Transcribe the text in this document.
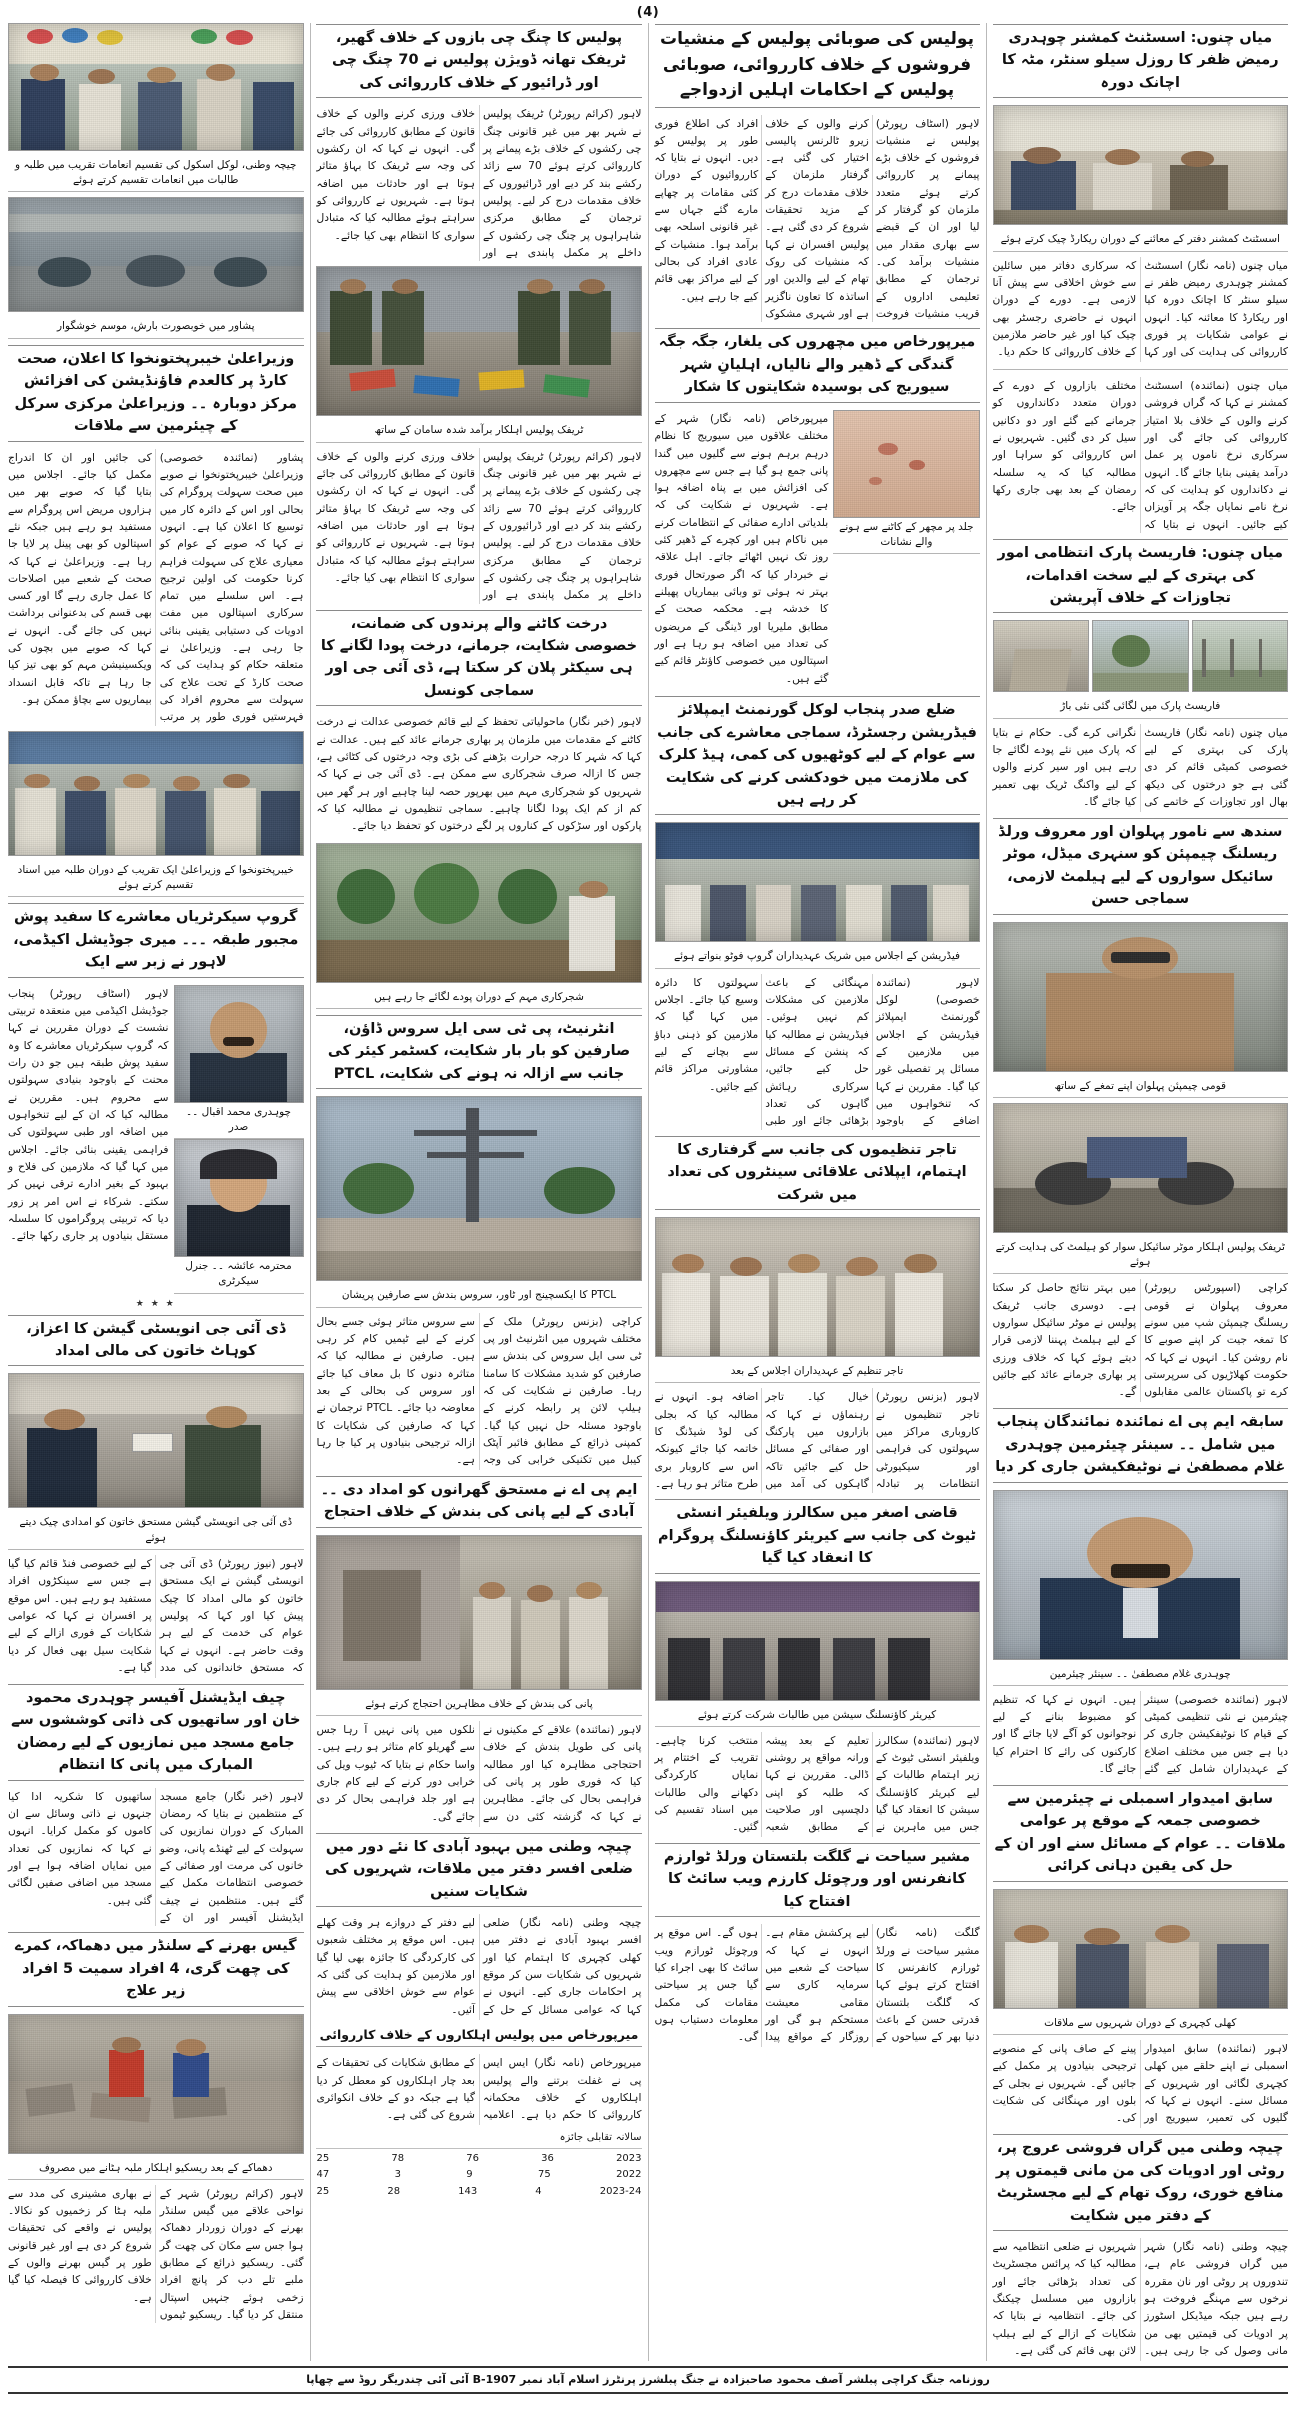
(4)
میاں چنوں: اسسٹنٹ کمشنر چوہدری رمیض ظفر کا روزل سیلو سنٹر، مٹہ کا اچانک دورہ
اسسٹنٹ کمشنر دفتر کے معائنے کے دوران ریکارڈ چیک کرتے ہوئے

میاں چنوں (نامہ نگار) اسسٹنٹ کمشنر چوہدری رمیض ظفر نے سیلو سنٹر کا اچانک دورہ کیا اور ریکارڈ کا معائنہ کیا۔ انہوں نے عوامی شکایات پر فوری کارروائی کی ہدایت کی اور کہا کہ سرکاری دفاتر میں سائلین سے خوش اخلاقی سے پیش آنا لازمی ہے۔ دورے کے دوران انہوں نے حاضری رجسٹر بھی چیک کیا اور غیر حاضر ملازمین کے خلاف کارروائی کا حکم دیا۔

میاں چنوں (نمائندہ) اسسٹنٹ کمشنر نے کہا کہ گراں فروشی کرنے والوں کے خلاف بلا امتیاز کارروائی کی جائے گی اور سرکاری نرخ ناموں پر عمل درآمد یقینی بنایا جائے گا۔ انہوں نے دکانداروں کو ہدایت کی کہ نرخ نامے نمایاں جگہ پر آویزاں کیے جائیں۔ انہوں نے بتایا کہ مختلف بازاروں کے دورے کے دوران متعدد دکانداروں کو جرمانے کیے گئے اور دو دکانیں سیل کر دی گئیں۔ شہریوں نے اس کارروائی کو سراہا اور مطالبہ کیا کہ یہ سلسلہ رمضان کے بعد بھی جاری رکھا جائے۔

میاں چنوں: فاریسٹ پارک انتظامی امور کی بہتری کے لیے سخت اقدامات، تجاوزات کے خلاف آپریشن
فاریسٹ پارک میں لگائی گئی نئی باڑ

میاں چنوں (نامہ نگار) فاریسٹ پارک کی بہتری کے لیے خصوصی کمیٹی قائم کر دی گئی ہے جو درختوں کی دیکھ بھال اور تجاوزات کے خاتمے کی نگرانی کرے گی۔ حکام نے بتایا کہ پارک میں نئے پودے لگائے جا رہے ہیں اور سیر کرنے والوں کے لیے واکنگ ٹریک بھی تعمیر کیا جائے گا۔

سندھ سے نامور پہلوان اور معروف ورلڈ ریسلنگ چیمپئن کو سنہری میڈل، موٹر سائیکل سواروں کے لیے ہیلمٹ لازمی، سماجی حسن
قومی چیمپئن پہلوان اپنے تمغے کے ساتھ
ٹریفک پولیس اہلکار موٹر سائیکل سوار کو ہیلمٹ کی ہدایت کرتے ہوئے

کراچی (اسپورٹس رپورٹر) معروف پہلوان نے قومی ریسلنگ چیمپئن شپ میں سونے کا تمغہ جیت کر اپنے صوبے کا نام روشن کیا۔ انہوں نے کہا کہ حکومت کھلاڑیوں کی سرپرستی کرے تو پاکستان عالمی مقابلوں میں بہتر نتائج حاصل کر سکتا ہے۔ دوسری جانب ٹریفک پولیس نے موٹر سائیکل سواروں کے لیے ہیلمٹ پہننا لازمی قرار دیتے ہوئے کہا کہ خلاف ورزی پر بھاری جرمانے عائد کیے جائیں گے۔

سابقہ ایم پی اے نمائندہ نمائندگان پنجاب میں شامل ۔۔ سینئر چیئرمین چوہدری غلام مصطفیٰ نے نوٹیفکیشن جاری کر دیا
چوہدری غلام مصطفیٰ ۔۔ سینئر چیئرمین

لاہور (نمائندہ خصوصی) سینئر چیئرمین نے نئی تنظیمی کمیٹی کے قیام کا نوٹیفکیشن جاری کر دیا ہے جس میں مختلف اضلاع کے عہدیداران شامل کیے گئے ہیں۔ انہوں نے کہا کہ تنظیم کو مضبوط بنانے کے لیے نوجوانوں کو آگے لایا جائے گا اور کارکنوں کی رائے کا احترام کیا جائے گا۔

سابق امیدوار اسمبلی نے چیئرمین سے خصوصی جمعہ کے موقع پر عوامی ملاقات ۔۔ عوام کے مسائل سنے اور ان کے حل کی یقین دہانی کرائی
کھلی کچہری کے دوران شہریوں سے ملاقات

لاہور (نمائندہ) سابق امیدوار اسمبلی نے اپنے حلقے میں کھلی کچہری لگائی اور شہریوں کے مسائل سنے۔ انہوں نے کہا کہ گلیوں کی تعمیر، سیوریج اور پینے کے صاف پانی کے منصوبے ترجیحی بنیادوں پر مکمل کیے جائیں گے۔ شہریوں نے بجلی کے بلوں اور مہنگائی کی شکایت کی۔

چیچہ وطنی میں گراں فروشی عروج پر، روٹی اور ادویات کی من مانی قیمتوں پر منافع خوری، روک تھام کے لیے مجسٹریٹ کے دفتر میں شکایت

چیچہ وطنی (نامہ نگار) شہر میں گراں فروشی عام ہے، تندوروں پر روٹی اور نان مقررہ نرخوں سے مہنگے فروخت ہو رہے ہیں جبکہ میڈیکل اسٹورز پر ادویات کی قیمتیں بھی من مانی وصول کی جا رہی ہیں۔ شہریوں نے ضلعی انتظامیہ سے مطالبہ کیا کہ پرائس مجسٹریٹ کی تعداد بڑھائی جائے اور بازاروں میں مسلسل چیکنگ کی جائے۔ انتظامیہ نے بتایا کہ شکایات کے ازالے کے لیے ہیلپ لائن بھی قائم کی گئی ہے۔

پولیس کی صوبائی پولیس کے منشیات فروشوں کے خلاف کارروائی، صوبائی پولیس کے احکامات اہلیں ازدواجے

لاہور (اسٹاف رپورٹر) پولیس نے منشیات فروشوں کے خلاف بڑے پیمانے پر کارروائی کرتے ہوئے متعدد ملزمان کو گرفتار کر لیا اور ان کے قبضے سے بھاری مقدار میں منشیات برآمد کی۔ ترجمان کے مطابق تعلیمی اداروں کے قریب منشیات فروخت کرنے والوں کے خلاف زیرو ٹالرنس پالیسی اختیار کی گئی ہے۔ گرفتار ملزمان کے خلاف مقدمات درج کر کے مزید تحقیقات شروع کر دی گئی ہے۔ پولیس افسران نے کہا کہ منشیات کی روک تھام کے لیے والدین اور اساتذہ کا تعاون ناگزیر ہے اور شہری مشکوک افراد کی اطلاع فوری طور پر پولیس کو دیں۔ انہوں نے بتایا کہ کارروائیوں کے دوران کئی مقامات پر چھاپے مارے گئے جہاں سے غیر قانونی اسلحہ بھی برآمد ہوا۔ منشیات کے عادی افراد کی بحالی کے لیے مراکز بھی قائم کیے جا رہے ہیں۔

میرپورخاص میں مچھروں کی یلغار، جگہ جگہ گندگی کے ڈھیر والے نالیاں، اہلیانِ شہر سیوریج کی بوسیدہ شکایتوں کا شکار
جلد پر مچھر کے کاٹنے سے ہونے والے نشانات

میرپورخاص (نامہ نگار) شہر کے مختلف علاقوں میں سیوریج کا نظام درہم برہم ہونے سے گلیوں میں گندا پانی جمع ہو گیا ہے جس سے مچھروں کی افزائش میں بے پناہ اضافہ ہوا ہے۔ شہریوں نے شکایت کی کہ بلدیاتی ادارے صفائی کے انتظامات کرنے میں ناکام ہیں اور کچرے کے ڈھیر کئی روز تک نہیں اٹھائے جاتے۔ اہل علاقہ نے خبردار کیا کہ اگر صورتحال فوری بہتر نہ ہوئی تو وبائی بیماریاں پھیلنے کا خدشہ ہے۔ محکمہ صحت کے مطابق ملیریا اور ڈینگی کے مریضوں کی تعداد میں اضافہ ہو رہا ہے اور اسپتالوں میں خصوصی کاؤنٹر قائم کیے گئے ہیں۔

ضلع صدر پنجاب لوکل گورنمنٹ ایمپلائز فیڈریشن رجسٹرڈ، سماجی معاشرے کی جانب سے عوام کے لیے کوٹھیوں کی کمی، ہیڈ کلرک کی ملازمت میں خودکشی کرنے کی شکایت کر رہے ہیں
فیڈریشن کے اجلاس میں شریک عہدیداران گروپ فوٹو بنواتے ہوئے

لاہور (نمائندہ خصوصی) لوکل گورنمنٹ ایمپلائز فیڈریشن کے اجلاس میں ملازمین کے مسائل پر تفصیلی غور کیا گیا۔ مقررین نے کہا کہ تنخواہوں میں اضافے کے باوجود مہنگائی کے باعث ملازمین کی مشکلات کم نہیں ہوئیں۔ فیڈریشن نے مطالبہ کیا کہ پنشن کے مسائل حل کیے جائیں، سرکاری رہائش گاہوں کی تعداد بڑھائی جائے اور طبی سہولتوں کا دائرہ وسیع کیا جائے۔ اجلاس میں کہا گیا کہ ملازمین کو ذہنی دباؤ سے بچانے کے لیے مشاورتی مراکز قائم کیے جائیں۔

تاجر تنظیموں کی جانب سے گرفتاری کا اہتمام، ایپلائی علاقائی سینٹروں کی تعداد میں شرکت
تاجر تنظیم کے عہدیداران اجلاس کے بعد

لاہور (بزنس رپورٹر) تاجر تنظیموں نے کاروباری مراکز میں سہولتوں کی فراہمی اور سیکیورٹی انتظامات پر تبادلہ خیال کیا۔ تاجر رہنماؤں نے کہا کہ بازاروں میں پارکنگ اور صفائی کے مسائل حل کیے جائیں تاکہ گاہکوں کی آمد میں اضافہ ہو۔ انہوں نے مطالبہ کیا کہ بجلی کی لوڈ شیڈنگ کا خاتمہ کیا جائے کیونکہ اس سے کاروبار بری طرح متاثر ہو رہا ہے۔

قاضی اصغر میں سکالرز ویلفیئر انسٹی ٹیوٹ کی جانب سے کیریئر کاؤنسلنگ پروگرام کا انعقاد کیا گیا
کیریئر کاؤنسلنگ سیشن میں طالبات شرکت کرتے ہوئے

لاہور (نمائندہ) سکالرز ویلفیئر انسٹی ٹیوٹ کے زیر اہتمام طالبات کے لیے کیریئر کاؤنسلنگ سیشن کا انعقاد کیا گیا جس میں ماہرین نے تعلیم کے بعد پیشہ ورانہ مواقع پر روشنی ڈالی۔ مقررین نے کہا کہ طلبہ کو اپنی دلچسپی اور صلاحیت کے مطابق شعبہ منتخب کرنا چاہیے۔ تقریب کے اختتام پر نمایاں کارکردگی دکھانے والی طالبات میں اسناد تقسیم کی گئیں۔

مشیر سیاحت نے گلگت بلتستان ورلڈ ٹوارزم کانفرنس اور ورچوئل کارزم ویب سائٹ کا افتتاح کیا

گلگت (نامہ نگار) مشیر سیاحت نے ورلڈ ٹورازم کانفرنس کا افتتاح کرتے ہوئے کہا کہ گلگت بلتستان قدرتی حسن کے باعث دنیا بھر کے سیاحوں کے لیے پرکشش مقام ہے۔ انہوں نے کہا کہ سیاحت کے شعبے میں سرمایہ کاری سے مقامی معیشت مستحکم ہو گی اور روزگار کے مواقع پیدا ہوں گے۔ اس موقع پر ورچوئل ٹورازم ویب سائٹ کا بھی اجراء کیا گیا جس پر سیاحتی مقامات کی مکمل معلومات دستیاب ہوں گی۔

پولیس کا چنگ چی بازوں کے خلاف گھیر، ٹریفک تھانہ ڈویژن پولیس نے 70 چنگ چی اور ڈرائیور کے خلاف کارروائی کی

لاہور (کرائم رپورٹر) ٹریفک پولیس نے شہر بھر میں غیر قانونی چنگ چی رکشوں کے خلاف بڑے پیمانے پر کارروائی کرتے ہوئے 70 سے زائد رکشے بند کر دیے اور ڈرائیوروں کے خلاف مقدمات درج کر لیے۔ پولیس ترجمان کے مطابق مرکزی شاہراہوں پر چنگ چی رکشوں کے داخلے پر مکمل پابندی ہے اور خلاف ورزی کرنے والوں کے خلاف قانون کے مطابق کارروائی کی جائے گی۔ انہوں نے کہا کہ ان رکشوں کی وجہ سے ٹریفک کا بہاؤ متاثر ہوتا ہے اور حادثات میں اضافہ ہوتا ہے۔ شہریوں نے کارروائی کو سراہتے ہوئے مطالبہ کیا کہ متبادل سواری کا انتظام بھی کیا جائے۔

ٹریفک پولیس اہلکار برآمد شدہ سامان کے ساتھ

لاہور (کرائم رپورٹر) ٹریفک پولیس نے شہر بھر میں غیر قانونی چنگ چی رکشوں کے خلاف بڑے پیمانے پر کارروائی کرتے ہوئے 70 سے زائد رکشے بند کر دیے اور ڈرائیوروں کے خلاف مقدمات درج کر لیے۔ پولیس ترجمان کے مطابق مرکزی شاہراہوں پر چنگ چی رکشوں کے داخلے پر مکمل پابندی ہے اور خلاف ورزی کرنے والوں کے خلاف قانون کے مطابق کارروائی کی جائے گی۔ انہوں نے کہا کہ ان رکشوں کی وجہ سے ٹریفک کا بہاؤ متاثر ہوتا ہے اور حادثات میں اضافہ ہوتا ہے۔ شہریوں نے کارروائی کو سراہتے ہوئے مطالبہ کیا کہ متبادل سواری کا انتظام بھی کیا جائے۔

درخت کاٹنے والے پرندوں کی ضمانت، خصوصی شکایت، جرمانے، درخت پودا لگانے کا ہی سیکٹر پلان کر سکتا ہے، ڈی آئی جی اور سماجی کونسل

لاہور (خبر نگار) ماحولیاتی تحفظ کے لیے قائم خصوصی عدالت نے درخت کاٹنے کے مقدمات میں ملزمان پر بھاری جرمانے عائد کیے ہیں۔ عدالت نے کہا کہ شہر کا درجہ حرارت بڑھنے کی بڑی وجہ درختوں کی کٹائی ہے، جس کا ازالہ صرف شجرکاری سے ممکن ہے۔ ڈی آئی جی نے کہا کہ شہریوں کو شجرکاری مہم میں بھرپور حصہ لینا چاہیے اور ہر گھر میں کم از کم ایک پودا لگانا چاہیے۔ سماجی تنظیموں نے مطالبہ کیا کہ پارکوں اور سڑکوں کے کناروں پر لگے درختوں کو تحفظ دیا جائے۔

شجرکاری مہم کے دوران پودے لگائے جا رہے ہیں
انٹرنیٹ، پی ٹی سی ایل سروس ڈاؤن، صارفین کو بار بار شکایت، کسٹمر کیئر کی جانب سے ازالہ نہ ہونے کی شکایت، PTCL
PTCL کا ایکسچینج اور ٹاور، سروس بندش سے صارفین پریشان

کراچی (بزنس رپورٹر) ملک کے مختلف شہروں میں انٹرنیٹ اور پی ٹی سی ایل سروس کی بندش سے صارفین کو شدید مشکلات کا سامنا رہا۔ صارفین نے شکایت کی کہ ہیلپ لائن پر رابطہ کرنے کے باوجود مسئلہ حل نہیں کیا گیا۔ کمپنی ذرائع کے مطابق فائبر آپٹک کیبل میں تکنیکی خرابی کی وجہ سے سروس متاثر ہوئی جسے بحال کرنے کے لیے ٹیمیں کام کر رہی ہیں۔ صارفین نے مطالبہ کیا کہ متاثرہ دنوں کا بل معاف کیا جائے اور سروس کی بحالی کے بعد معاوضہ دیا جائے۔ PTCL ترجمان نے کہا کہ صارفین کی شکایات کا ازالہ ترجیحی بنیادوں پر کیا جا رہا ہے۔

ایم پی اے نے مستحق گھرانوں کو امداد دی ۔۔ آبادی کے لیے پانی کی بندش کے خلاف احتجاج
پانی کی بندش کے خلاف مظاہرین احتجاج کرتے ہوئے

لاہور (نمائندہ) علاقے کے مکینوں نے پانی کی طویل بندش کے خلاف احتجاجی مظاہرہ کیا اور مطالبہ کیا کہ فوری طور پر پانی کی فراہمی بحال کی جائے۔ مظاہرین نے کہا کہ گزشتہ کئی دن سے نلکوں میں پانی نہیں آ رہا جس سے گھریلو کام متاثر ہو رہے ہیں۔ واسا حکام نے بتایا کہ ٹیوب ویل کی خرابی دور کرنے کے لیے کام جاری ہے اور جلد فراہمی بحال کر دی جائے گی۔

چیچہ وطنی میں بہبود آبادی کا نئے دور میں ضلعی افسر دفتر میں ملاقات، شہریوں کی شکایات سنیں

چیچہ وطنی (نامہ نگار) ضلعی افسر بہبود آبادی نے دفتر میں کھلی کچہری کا اہتمام کیا اور شہریوں کی شکایات سن کر موقع پر احکامات جاری کیے۔ انہوں نے کہا کہ عوامی مسائل کے حل کے لیے دفتر کے دروازے ہر وقت کھلے ہیں۔ اس موقع پر مختلف شعبوں کی کارکردگی کا جائزہ بھی لیا گیا اور ملازمین کو ہدایت کی گئی کہ عوام سے خوش اخلاقی سے پیش آئیں۔

میرپورخاص میں پولیس اہلکاروں کے خلاف کارروائی

میرپورخاص (نامہ نگار) ایس ایس پی نے غفلت برتنے والے پولیس اہلکاروں کے خلاف محکمانہ کارروائی کا حکم دیا ہے۔ اعلامیہ کے مطابق شکایات کی تحقیقات کے بعد چار اہلکاروں کو معطل کر دیا گیا ہے جبکہ دو کے خلاف انکوائری شروع کی گئی ہے۔

سالانہ تقابلی جائزہ
2023
36
76
78
25
2022
75
9
3
47
2023-24
4
143
28
25
چیچہ وطنی، لوکل اسکول کی تقسیم انعامات تقریب میں طلبہ و طالبات میں انعامات تقسیم کرتے ہوئے
پشاور میں خوبصورت بارش، موسم خوشگوار
وزیراعلیٰ خیبرپختونخوا کا اعلان، صحت کارڈ پر کالعدم فاؤنڈیشن کی افزائش مرکز دوبارہ ۔۔ وزیراعلیٰ مرکزی سرکل کے چیئرمین سے ملاقات

پشاور (نمائندہ خصوصی) وزیراعلیٰ خیبرپختونخوا نے صوبے میں صحت سہولت پروگرام کی بحالی اور اس کے دائرہ کار میں توسیع کا اعلان کیا ہے۔ انہوں نے کہا کہ صوبے کے عوام کو معیاری علاج کی سہولت فراہم کرنا حکومت کی اولین ترجیح ہے۔ اس سلسلے میں تمام سرکاری اسپتالوں میں مفت ادویات کی دستیابی یقینی بنائی جا رہی ہے۔ وزیراعلیٰ نے متعلقہ حکام کو ہدایت کی کہ صحت کارڈ کے تحت علاج کی سہولت سے محروم افراد کی فہرستیں فوری طور پر مرتب کی جائیں اور ان کا اندراج مکمل کیا جائے۔ اجلاس میں بتایا گیا کہ صوبے بھر میں ہزاروں مریض اس پروگرام سے مستفید ہو رہے ہیں جبکہ نئے اسپتالوں کو بھی پینل پر لایا جا رہا ہے۔ وزیراعلیٰ نے کہا کہ صحت کے شعبے میں اصلاحات کا عمل جاری رہے گا اور کسی بھی قسم کی بدعنوانی برداشت نہیں کی جائے گی۔ انہوں نے کہا کہ صوبے میں بچوں کی ویکسینیشن مہم کو بھی تیز کیا جا رہا ہے تاکہ قابل انسداد بیماریوں سے بچاؤ ممکن ہو۔

خیبرپختونخوا کے وزیراعلیٰ ایک تقریب کے دوران طلبہ میں اسناد تقسیم کرتے ہوئے
گروپ سیکرٹریاں معاشرے کا سفید پوش مجبور طبقہ ۔۔۔ میری جوڈیشل اکیڈمی، لاہور نے زبر سے ایک
چوہدری محمد اقبال ۔۔ صدر
محترمہ عائشہ ۔۔ جنرل سیکرٹری

لاہور (اسٹاف رپورٹر) پنجاب جوڈیشل اکیڈمی میں منعقدہ تربیتی نشست کے دوران مقررین نے کہا کہ گروپ سیکرٹریاں معاشرے کا وہ سفید پوش طبقہ ہیں جو دن رات محنت کے باوجود بنیادی سہولتوں سے محروم ہیں۔ مقررین نے مطالبہ کیا کہ ان کے لیے تنخواہوں میں اضافہ اور طبی سہولتوں کی فراہمی یقینی بنائی جائے۔ اجلاس میں کہا گیا کہ ملازمین کی فلاح و بہبود کے بغیر ادارے ترقی نہیں کر سکتے۔ شرکاء نے اس امر پر زور دیا کہ تربیتی پروگراموں کا سلسلہ مستقل بنیادوں پر جاری رکھا جائے۔

★ ★ ★
ڈی آئی جی انویسٹی گیشن کا اعزاز، کوہاٹ خاتون کی مالی امداد
ڈی آئی جی انویسٹی گیشن مستحق خاتون کو امدادی چیک دیتے ہوئے

لاہور (نیوز رپورٹر) ڈی آئی جی انویسٹی گیشن نے ایک مستحق خاتون کو مالی امداد کا چیک پیش کیا اور کہا کہ پولیس عوام کی خدمت کے لیے ہر وقت حاضر ہے۔ انہوں نے کہا کہ مستحق خاندانوں کی مدد کے لیے خصوصی فنڈ قائم کیا گیا ہے جس سے سینکڑوں افراد مستفید ہو رہے ہیں۔ اس موقع پر افسران نے کہا کہ عوامی شکایات کے فوری ازالے کے لیے شکایت سیل بھی فعال کر دیا گیا ہے۔

چیف ایڈیشنل آفیسر چوہدری محمود خان اور ساتھیوں کی ذاتی کوششوں سے جامع مسجد میں نمازیوں کے لیے رمضان المبارک میں پانی کا انتظام

لاہور (خبر نگار) جامع مسجد کے منتظمین نے بتایا کہ رمضان المبارک کے دوران نمازیوں کی سہولت کے لیے ٹھنڈے پانی، وضو خانوں کی مرمت اور صفائی کے خصوصی انتظامات مکمل کیے گئے ہیں۔ منتظمین نے چیف ایڈیشنل آفیسر اور ان کے ساتھیوں کا شکریہ ادا کیا جنہوں نے ذاتی وسائل سے ان کاموں کو مکمل کرایا۔ انہوں نے کہا کہ نمازیوں کی تعداد میں نمایاں اضافہ ہوا ہے اور مسجد میں اضافی صفیں لگائی گئی ہیں۔

گیس بھرنے کے سلنڈر میں دھماکہ، کمرے کی چھت گری، 4 افراد سمیت 5 افراد زیر علاج
دھماکے کے بعد ریسکیو اہلکار ملبہ ہٹانے میں مصروف

لاہور (کرائم رپورٹر) شہر کے نواحی علاقے میں گیس سلنڈر بھرنے کے دوران زوردار دھماکہ ہوا جس سے مکان کی چھت گر گئی۔ ریسکیو ذرائع کے مطابق ملبے تلے دب کر پانچ افراد زخمی ہوئے جنہیں اسپتال منتقل کر دیا گیا۔ ریسکیو ٹیموں نے بھاری مشینری کی مدد سے ملبہ ہٹا کر زخمیوں کو نکالا۔ پولیس نے واقعے کی تحقیقات شروع کر دی ہے اور غیر قانونی طور پر گیس بھرنے والوں کے خلاف کارروائی کا فیصلہ کیا گیا ہے۔

روزنامہ جنگ کراچی پبلشر آصف محمود صاحبزادہ نے جنگ پبلشرز پرنٹرز اسلام آباد نمبر 1907-B آئی آئی چندریگر روڈ سے چھاپا
